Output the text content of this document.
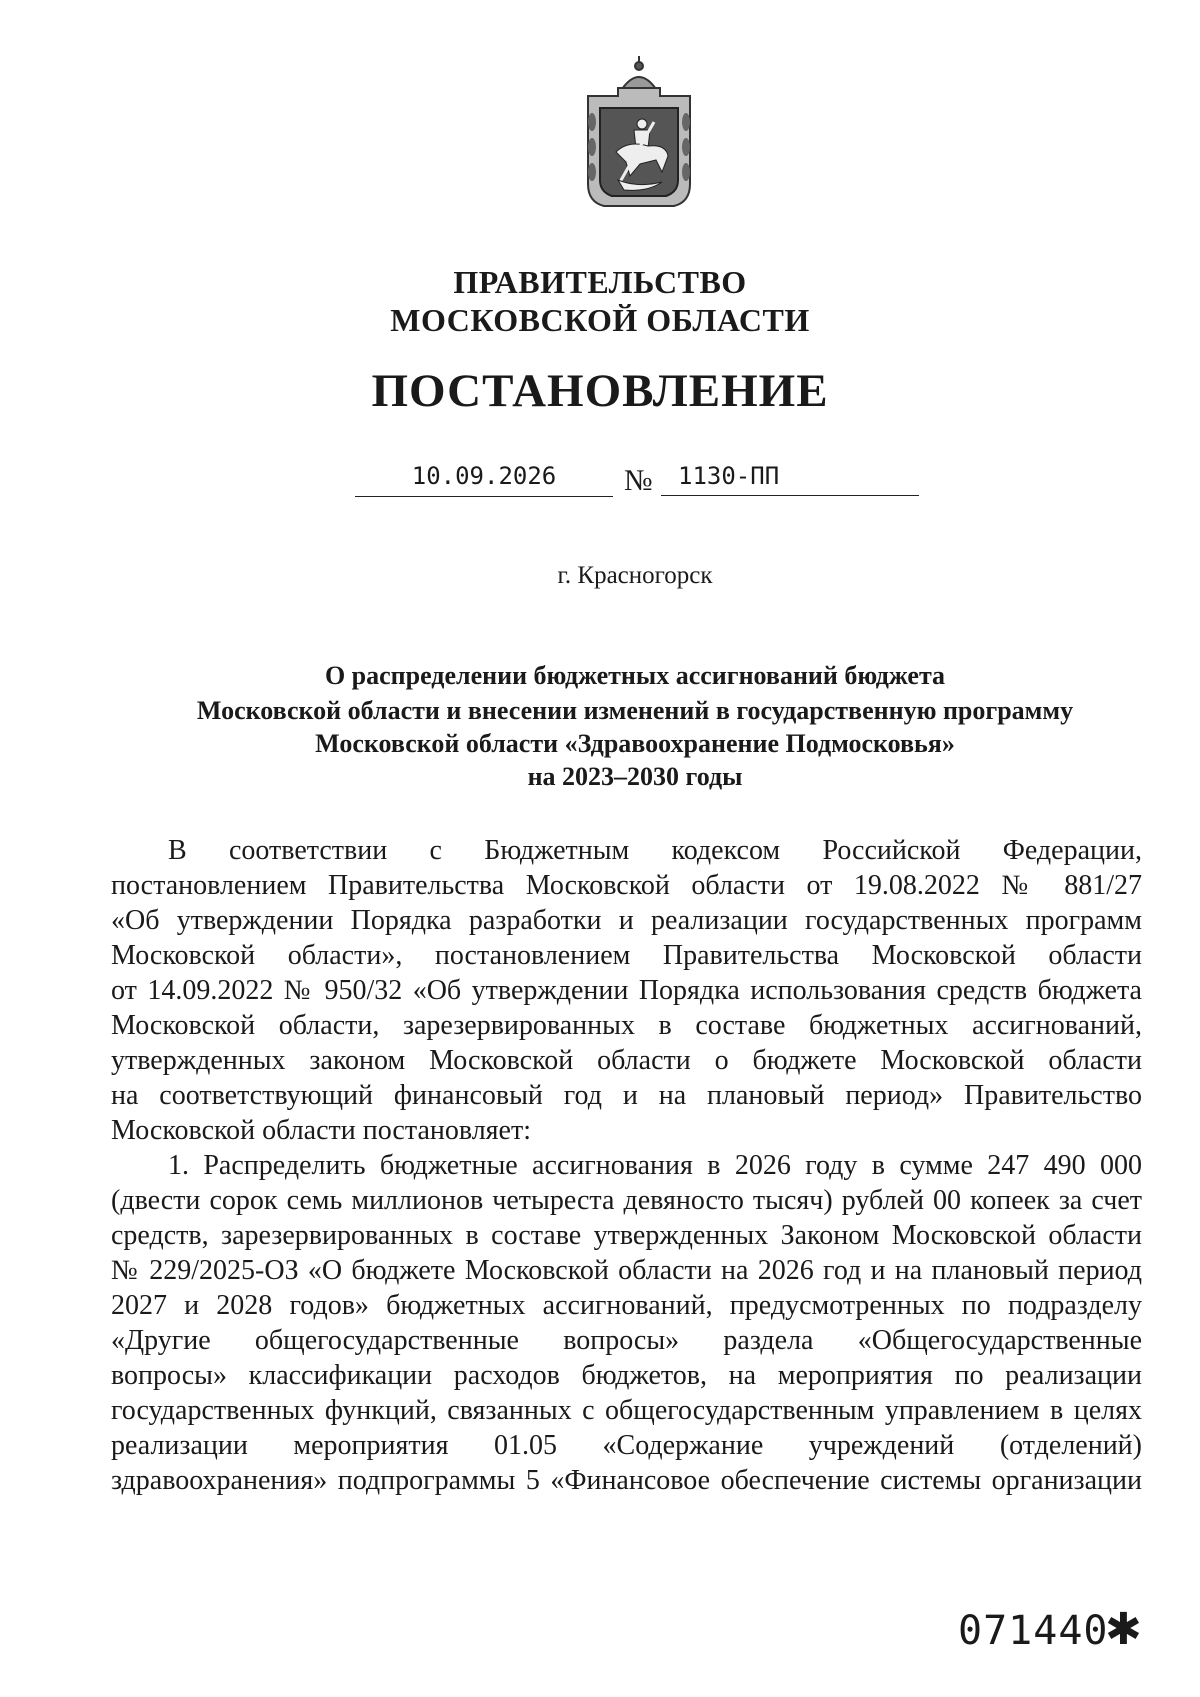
ПРАВИТЕЛЬСТВО
МОСКОВСКОЙ ОБЛАСТИ
ПОСТАНОВЛЕНИЕ
10.09.2026	№	1130-ПП
г. Красногорск
О распределении бюджетных ассигнований бюджета
Московской области и внесении изменений в государственную программу
Московской области «Здравоохранение Подмосковья»
на 2023–2030 годы
В соответствии с Бюджетным кодексом Российской Федерации,
постановлением Правительства Московской области от 19.08.2022 № 881/27
«Об утверждении Порядка разработки и реализации государственных программ
Московской области», постановлением Правительства Московской области
от 14.09.2022 № 950/32 «Об утверждении Порядка использования средств бюджета
Московской области, зарезервированных в составе бюджетных ассигнований,
утвержденных законом Московской области о бюджете Московской области
на соответствующий финансовый год и на плановый период» Правительство
Московской области постановляет:
1. Распределить бюджетные ассигнования в 2026 году в сумме 247 490 000
(двести сорок семь миллионов четыреста девяносто тысяч) рублей 00 копеек за счет
средств, зарезервированных в составе утвержденных Законом Московской области
№ 229/2025-ОЗ «О бюджете Московской области на 2026 год и на плановый период
2027 и 2028 годов» бюджетных ассигнований, предусмотренных по подразделу
«Другие общегосударственные вопросы» раздела «Общегосударственные
вопросы» классификации расходов бюджетов, на мероприятия по реализации
государственных функций, связанных с общегосударственным управлением в целях
реализации мероприятия 01.05 «Содержание учреждений (отделений)
здравоохранения» подпрограммы 5 «Финансовое обеспечение системы организации
071440
✱
